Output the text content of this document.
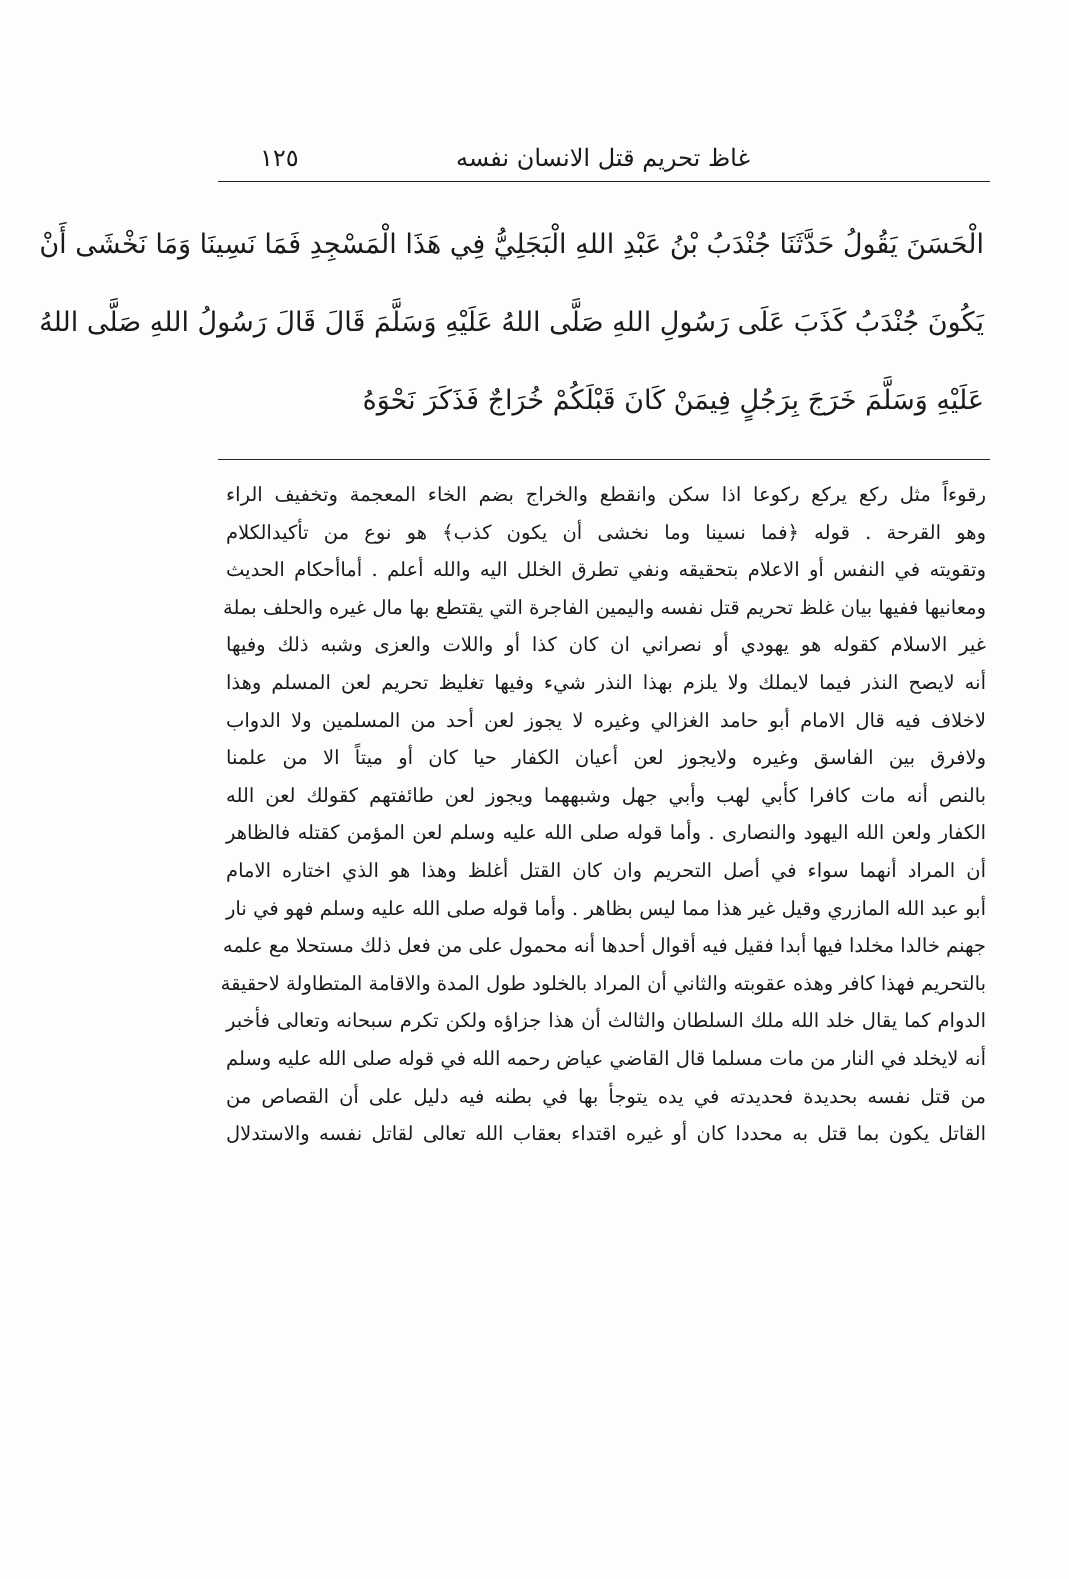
غاظ تحريم قتل الانسان نفسه
١٢٥
الْحَسَنَ يَقُولُ حَدَّثَنَا جُنْدَبُ بْنُ عَبْدِ اللهِ الْبَجَلِيُّ فِي هَذَا الْمَسْجِدِ فَمَا نَسِينَا وَمَا نَخْشَى أَنْ
يَكُونَ جُنْدَبُ كَذَبَ عَلَى رَسُولِ اللهِ صَلَّى اللهُ عَلَيْهِ وَسَلَّمَ قَالَ قَالَ رَسُولُ اللهِ صَلَّى اللهُ
عَلَيْهِ وَسَلَّمَ خَرَجَ بِرَجُلٍ فِيمَنْ كَانَ قَبْلَكُمْ خُرَاجٌ فَذَكَرَ نَحْوَهُ
رقوءاً مثل ركع يركع ركوعا اذا سكن وانقطع والخراج بضم الخاء المعجمة وتخفيف الراء
وهو القرحة . قوله ﴿فما نسينا وما نخشى أن يكون كذب﴾ هو نوع من تأكيدالكلام
وتقويته في النفس أو الاعلام بتحقيقه ونفي تطرق الخلل اليه والله أعلم . أماأحكام الحديث
ومعانيها ففيها بيان غلظ تحريم قتل نفسه واليمين الفاجرة التي يقتطع بها مال غيره والحلف بملة
غير الاسلام كقوله هو يهودي أو نصراني ان كان كذا أو واللات والعزى وشبه ذلك وفيها
أنه لايصح النذر فيما لايملك ولا يلزم بهذا النذر شيء وفيها تغليظ تحريم لعن المسلم وهذا
لاخلاف فيه قال الامام أبو حامد الغزالي وغيره لا يجوز لعن أحد من المسلمين ولا الدواب
ولافرق بين الفاسق وغيره ولايجوز لعن أعيان الكفار حيا كان أو ميتاً الا من علمنا
بالنص أنه مات كافرا كأبي لهب وأبي جهل وشبههما ويجوز لعن طائفتهم كقولك لعن الله
الكفار ولعن الله اليهود والنصارى . وأما قوله صلى الله عليه وسلم لعن المؤمن كقتله فالظاهر
أن المراد أنهما سواء في أصل التحريم وان كان القتل أغلظ وهذا هو الذي اختاره الامام
أبو عبد الله المازري وقيل غير هذا مما ليس بظاهر . وأما قوله صلى الله عليه وسلم فهو في نار
جهنم خالدا مخلدا فيها أبدا فقيل فيه أقوال أحدها أنه محمول على من فعل ذلك مستحلا مع علمه
بالتحريم فهذا كافر وهذه عقوبته والثاني أن المراد بالخلود طول المدة والاقامة المتطاولة لاحقيقة
الدوام كما يقال خلد الله ملك السلطان والثالث أن هذا جزاؤه ولكن تكرم سبحانه وتعالى فأخبر
أنه لايخلد في النار من مات مسلما قال القاضي عياض رحمه الله في قوله صلى الله عليه وسلم
من قتل نفسه بحديدة فحديدته في يده يتوجأ بها في بطنه فيه دليل على أن القصاص من
القاتل يكون بما قتل به محددا كان أو غيره اقتداء بعقاب الله تعالى لقاتل نفسه والاستدلال
